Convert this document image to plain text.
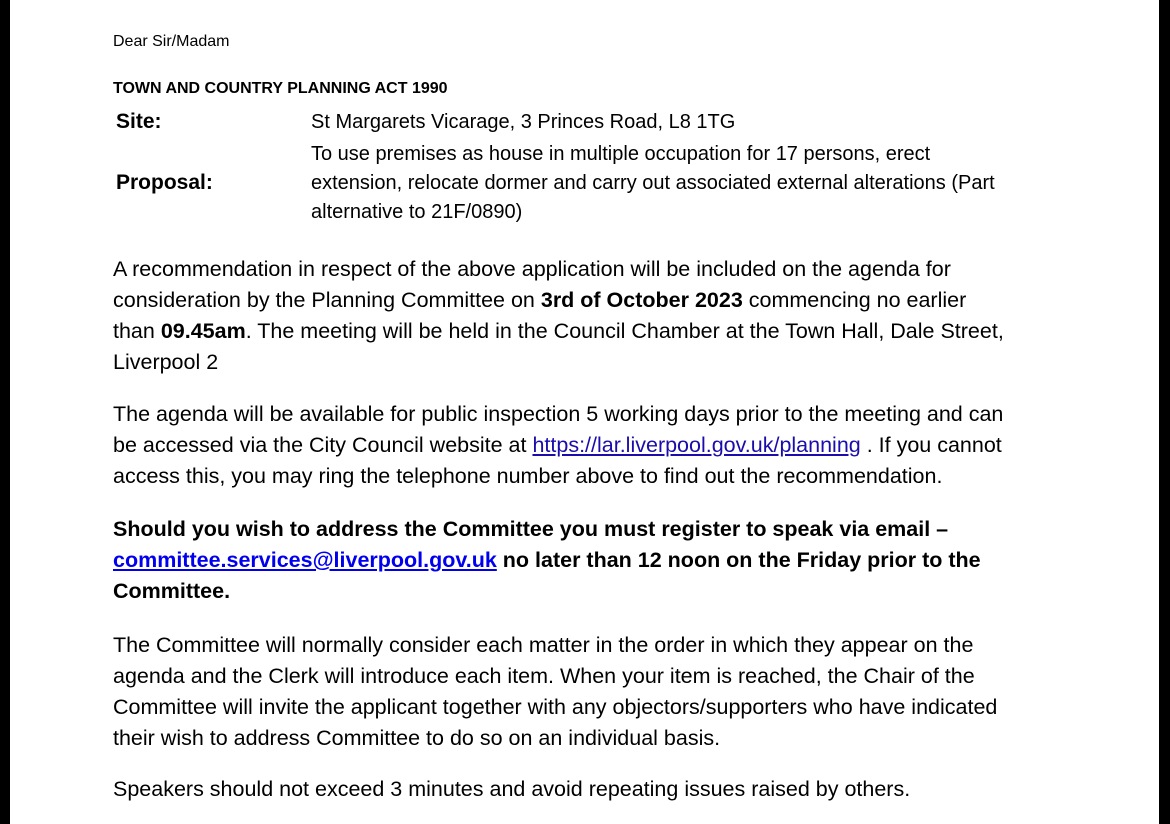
Dear Sir/Madam
TOWN AND COUNTRY PLANNING ACT 1990
Site:	St Margarets Vicarage, 3 Princes Road, L8 1TG
Proposal:
To use premises as house in multiple occupation for 17 persons, erect
extension, relocate dormer and carry out associated external alterations (Part
alternative to 21F/0890)
A recommendation in respect of the above application will be included on the agenda for
consideration by the Planning Committee on 3rd of October 2023 commencing no earlier
than 09.45am. The meeting will be held in the Council Chamber at the Town Hall, Dale Street,
Liverpool 2
The agenda will be available for public inspection 5 working days prior to the meeting and can
be accessed via the City Council website at https://lar.liverpool.gov.uk/planning . If you cannot
access this, you may ring the telephone number above to find out the recommendation.
Should you wish to address the Committee you must register to speak via email –
committee.services@liverpool.gov.uk no later than 12 noon on the Friday prior to the
Committee.
The Committee will normally consider each matter in the order in which they appear on the
agenda and the Clerk will introduce each item. When your item is reached, the Chair of the
Committee will invite the applicant together with any objectors/supporters who have indicated
their wish to address Committee to do so on an individual basis.
Speakers should not exceed 3 minutes and avoid repeating issues raised by others.
